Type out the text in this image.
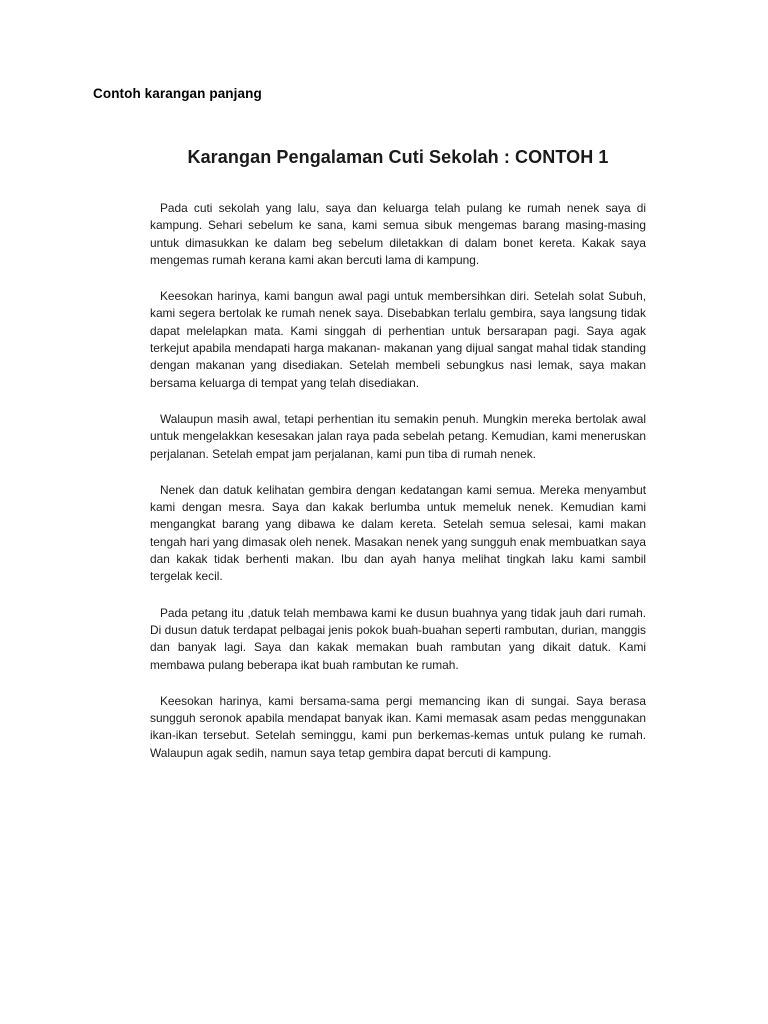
Contoh karangan panjang
Karangan Pengalaman Cuti Sekolah : CONTOH 1

Pada cuti sekolah yang lalu, saya dan keluarga telah pulang ke rumah nenek saya di kampung. Sehari sebelum ke sana, kami semua sibuk mengemas barang masing-masing untuk dimasukkan ke dalam beg sebelum diletakkan di dalam bonet kereta. Kakak saya mengemas rumah kerana kami akan bercuti lama di kampung.

Keesokan harinya, kami bangun awal pagi untuk membersihkan diri. Setelah solat Subuh, kami segera bertolak ke rumah nenek saya. Disebabkan terlalu gembira, saya langsung tidak dapat melelapkan mata. Kami singgah di perhentian untuk bersarapan pagi. Saya agak terkejut apabila mendapati harga makanan- makanan yang dijual sangat mahal tidak standing dengan makanan yang disediakan. Setelah membeli sebungkus nasi lemak, saya makan bersama keluarga di tempat yang telah disediakan.

Walaupun masih awal, tetapi perhentian itu semakin penuh. Mungkin mereka bertolak awal untuk mengelakkan kesesakan jalan raya pada sebelah petang. Kemudian, kami meneruskan perjalanan. Setelah empat jam perjalanan, kami pun tiba di rumah nenek.

Nenek dan datuk kelihatan gembira dengan kedatangan kami semua. Mereka menyambut kami dengan mesra. Saya dan kakak berlumba untuk memeluk nenek. Kemudian kami mengangkat barang yang dibawa ke dalam kereta. Setelah semua selesai, kami makan tengah hari yang dimasak oleh nenek. Masakan nenek yang sungguh enak membuatkan saya dan kakak tidak berhenti makan. Ibu dan ayah hanya melihat tingkah laku kami sambil tergelak kecil.

Pada petang itu ,datuk telah membawa kami ke dusun buahnya yang tidak jauh dari rumah. Di dusun datuk terdapat pelbagai jenis pokok buah-buahan seperti rambutan, durian, manggis dan banyak lagi. Saya dan kakak memakan buah rambutan yang dikait datuk. Kami membawa pulang beberapa ikat buah rambutan ke rumah.

Keesokan harinya, kami bersama-sama pergi memancing ikan di sungai. Saya berasa sungguh seronok apabila mendapat banyak ikan. Kami memasak asam pedas menggunakan ikan-ikan tersebut. Setelah seminggu, kami pun berkemas-kemas untuk pulang ke rumah. Walaupun agak sedih, namun saya tetap gembira dapat bercuti di kampung.
